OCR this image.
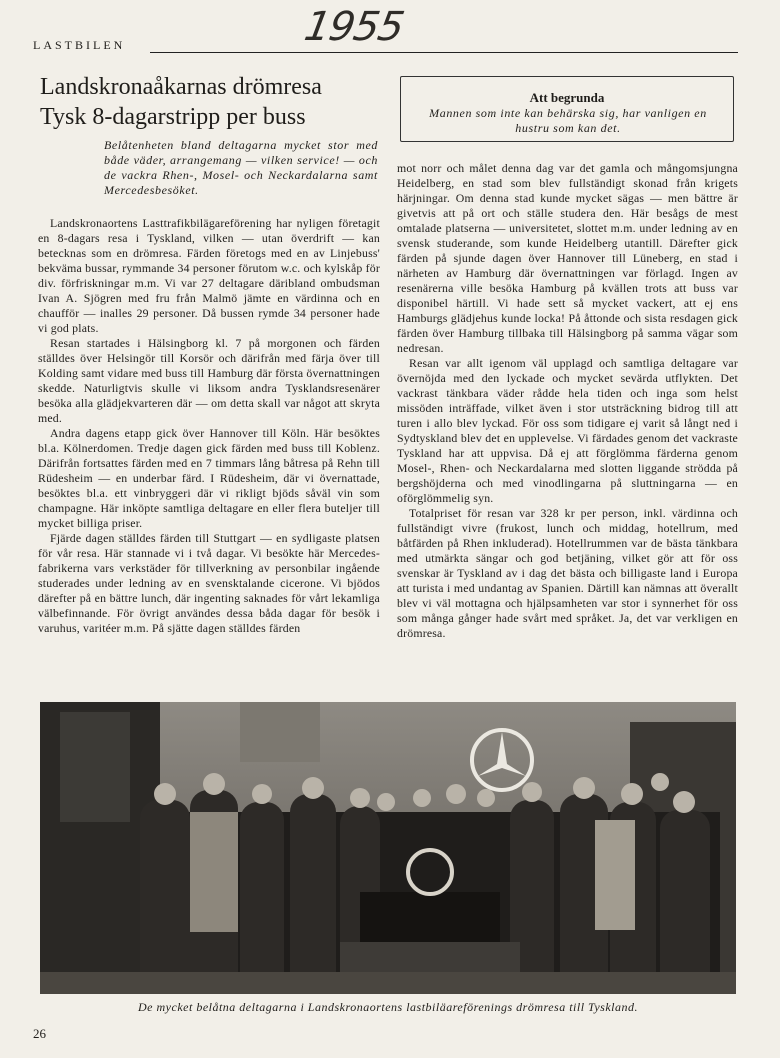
LASTBILEN	1955
Landskronaåkarnas drömresa
Tysk 8-dagarstripp per buss
Belåtenheten bland deltagarna mycket stor med både väder, arrangemang — vilken service! — och de vackra Rhen-, Mosel- och Neckardalarna samt Mercedesbesöket.
Att begrunda
Mannen som inte kan behärska sig, har vanligen en hustru som kan det.

Landskronaortens Lasttrafikbilägareförening har nyligen företagit en 8-dagars resa i Tyskland, vilken — utan överdrift — kan betecknas som en drömresa. Färden företogs med en av Linjebuss' bekväma bussar, rymmande 34 personer förutom w.c. och kylskåp för div. förfriskningar m.m. Vi var 27 deltagare däribland ombudsman Ivan A. Sjögren med fru från Malmö jämte en värdinna och en chaufför — inalles 29 personer. Då bussen rymde 34 personer hade vi god plats.

Resan startades i Hälsingborg kl. 7 på morgonen och färden ställdes över Helsingör till Korsör och därifrån med färja över till Kolding samt vidare med buss till Hamburg där första övernattningen skedde. Naturligtvis skulle vi liksom andra Tysklandsresenärer besöka alla glädjekvarteren där — om detta skall var något att skryta med.

Andra dagens etapp gick över Hannover till Köln. Här besöktes bl.a. Kölnerdomen. Tredje dagen gick färden med buss till Koblenz. Därifrån fortsattes färden med en 7 timmars lång båtresa på Rehn till Rüdesheim — en underbar färd. I Rüdesheim, där vi övernattade, besöktes bl.a. ett vinbryggeri där vi rikligt bjöds såväl vin som champagne. Här inköpte samtliga deltagare en eller flera buteljer till mycket billiga priser.

Fjärde dagen ställdes färden till Stuttgart — en sydligaste platsen för vår resa. Här stannade vi i två dagar. Vi besökte här Mercedes-fabrikerna vars verkstäder för tillverkning av personbilar ingående studerades under ledning av en svensktalande cicerone. Vi bjödos därefter på en bättre lunch, där ingenting saknades för vårt lekamliga välbefinnande. För övrigt användes dessa båda dagar för besök i varuhus, varitéer m.m. På sjätte dagen ställdes färden

mot norr och målet denna dag var det gamla och mångomsjungna Heidelberg, en stad som blev fullständigt skonad från krigets härjningar. Om denna stad kunde mycket sägas — men bättre är givetvis att på ort och ställe studera den. Här besågs de mest omtalade platserna — universitetet, slottet m.m. under ledning av en svensk studerande, som kunde Heidelberg utantill. Därefter gick färden på sjunde dagen över Hannover till Lüneberg, en stad i närheten av Hamburg där övernattningen var förlagd. Ingen av resenärerna ville besöka Hamburg på kvällen trots att buss var disponibel härtill. Vi hade sett så mycket vackert, att ej ens Hamburgs glädjehus kunde locka! På åttonde och sista resdagen gick färden över Hamburg tillbaka till Hälsingborg på samma vägar som nedresan.

Resan var allt igenom väl upplagd och samtliga deltagare var övernöjda med den lyckade och mycket sevärda utflykten. Det vackrast tänkbara väder rådde hela tiden och inga som helst missöden inträffade, vilket även i stor utsträckning bidrog till att turen i allo blev lyckad. För oss som tidigare ej varit så långt ned i Sydtyskland blev det en upplevelse. Vi färdades genom det vackraste Tyskland har att uppvisa. Då ej att förglömma färderna genom Mosel-, Rhen- och Neckardalarna med slotten liggande strödda på bergshöjderna och med vinodlingarna på sluttningarna — en oförglömmelig syn.

Totalpriset för resan var 328 kr per person, inkl. värdinna och fullständigt vivre (frukost, lunch och middag, hotellrum, med båtfärden på Rhen inkluderad). Hotellrummen var de bästa tänkbara med utmärkta sängar och god betjäning, vilket gör att för oss svenskar är Tyskland av i dag det bästa och billigaste land i Europa att turista i med undantag av Spanien. Därtill kan nämnas att överallt blev vi väl mottagna och hjälpsamheten var stor i synnerhet för oss som många gånger hade svårt med språket. Ja, det var verkligen en drömresa.

De mycket belåtna deltagarna i Landskronaortens lastbiläareförenings drömresa till Tyskland.
26
